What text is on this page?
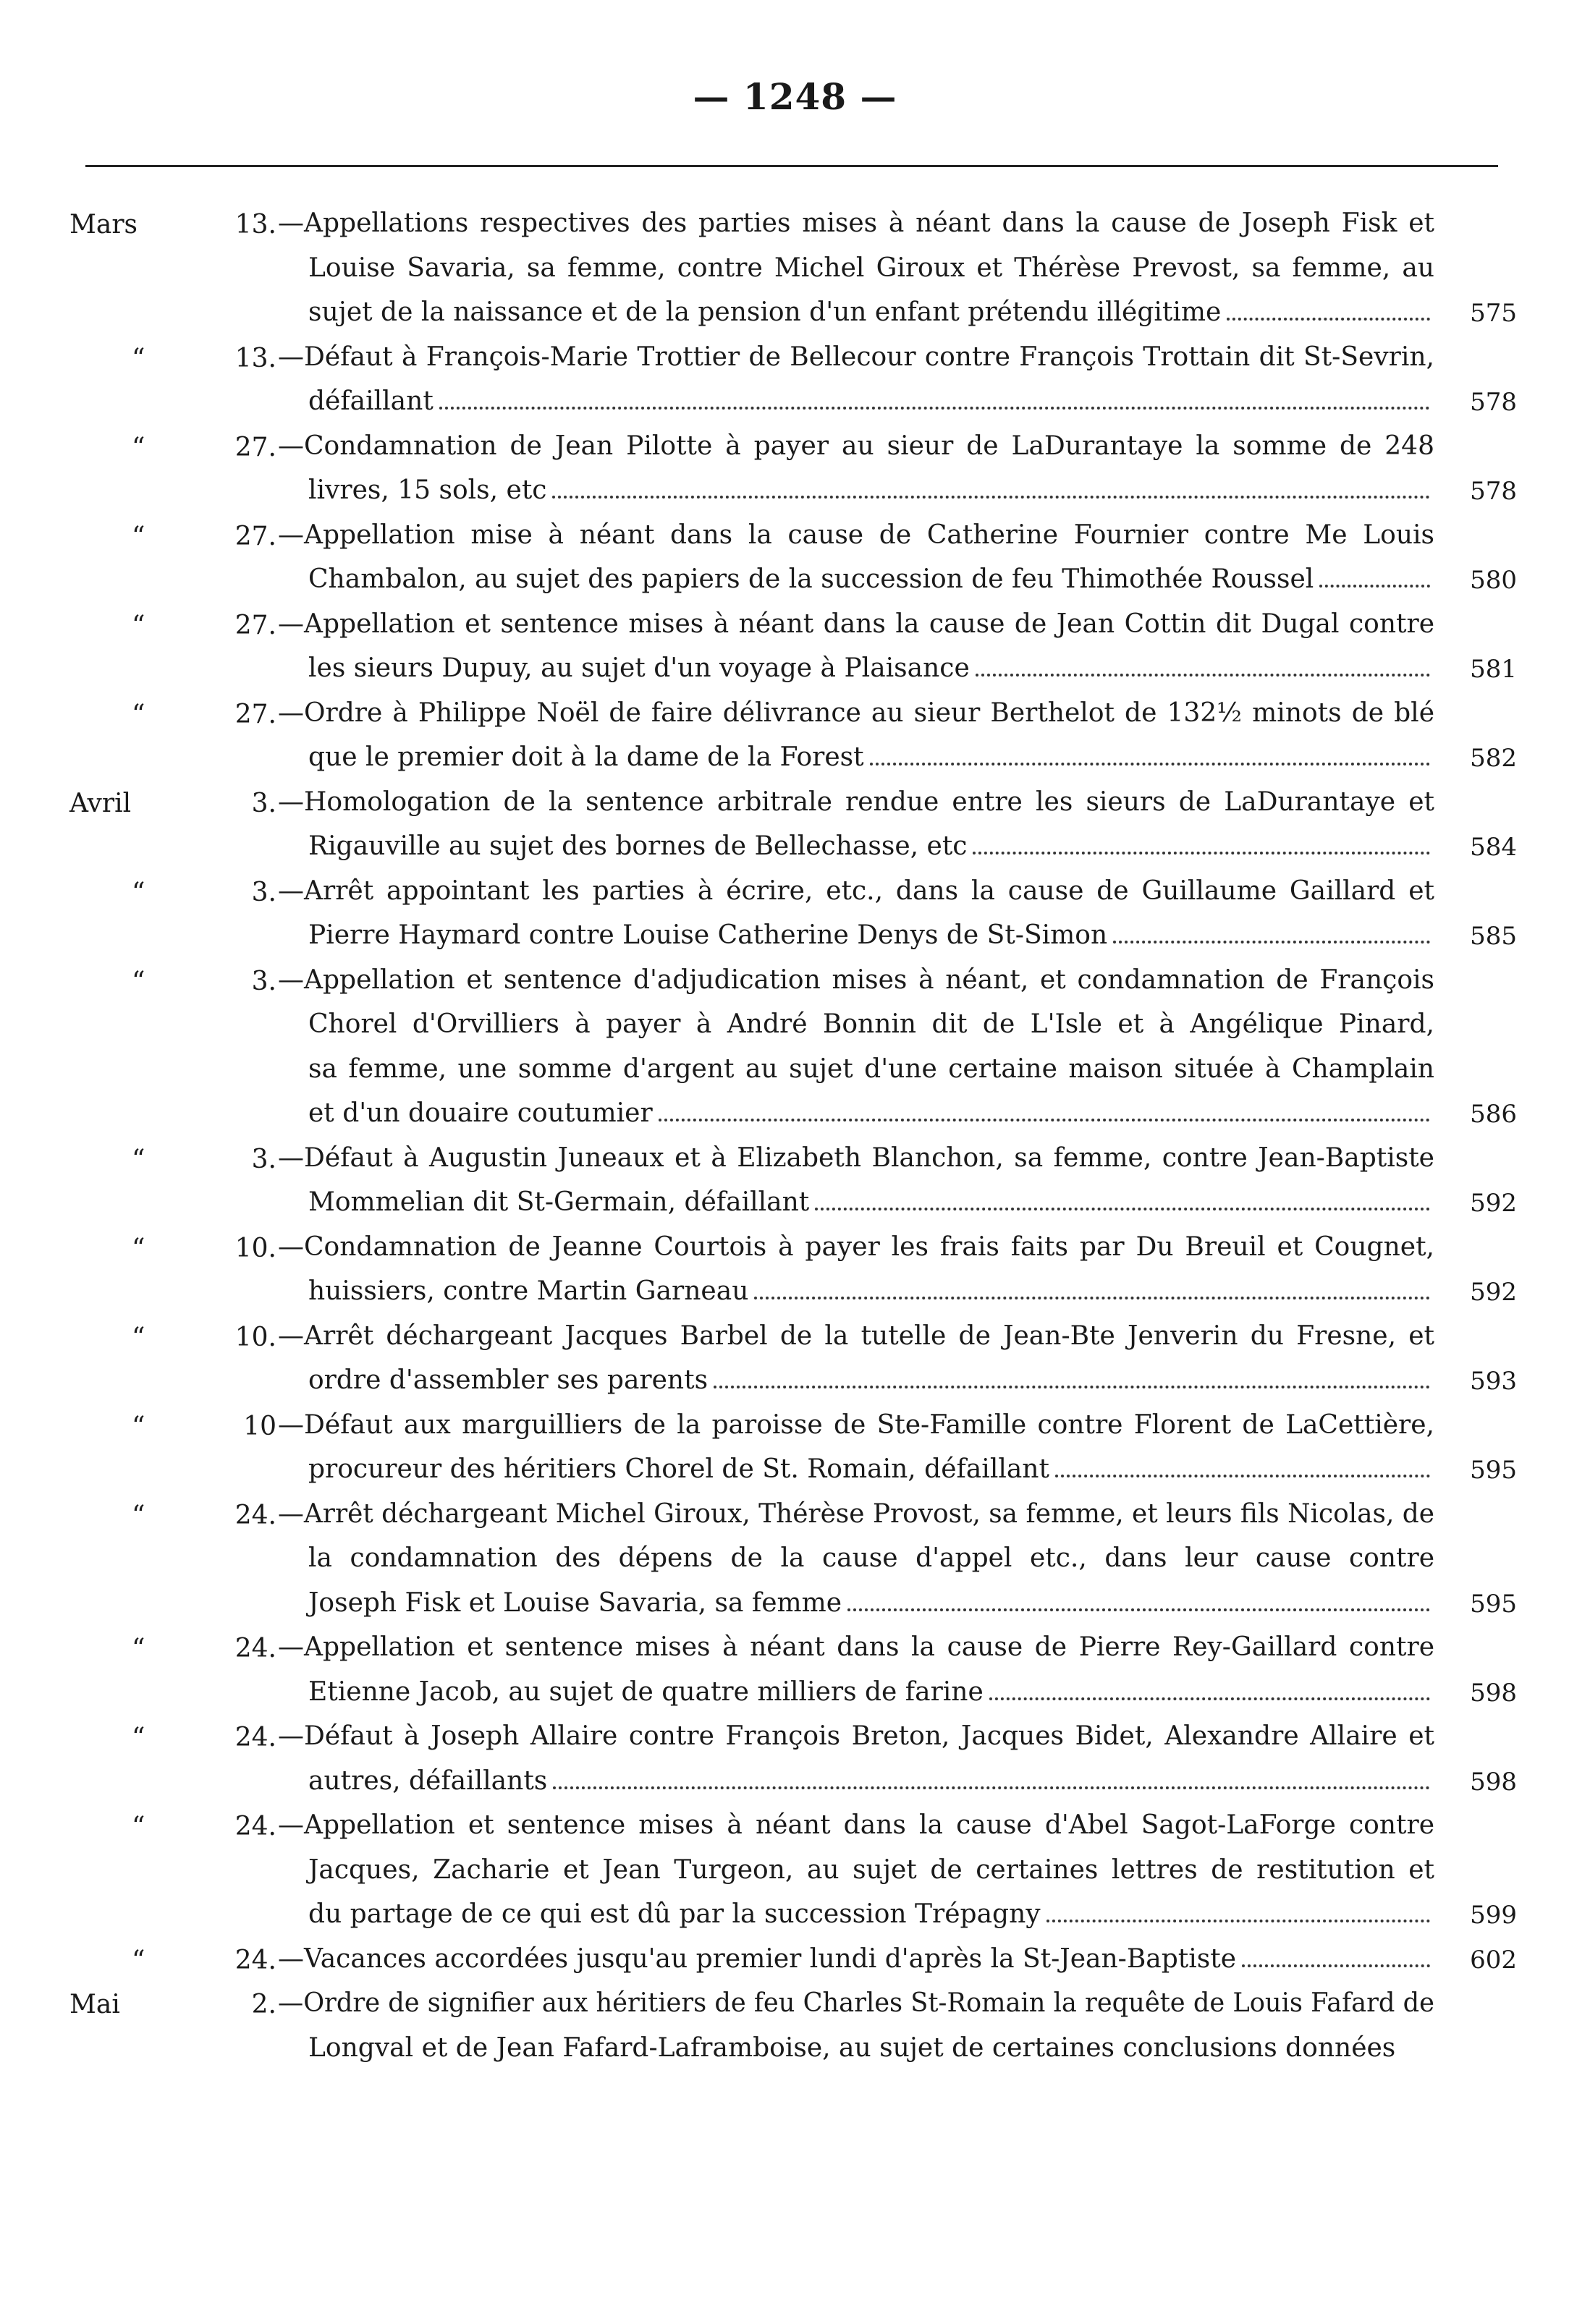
— 1248 —
Mars	13. —Appellations respectives des parties mises à néant dans la cause de Joseph Fisk et
Louise Savaria, sa femme, contre Michel Giroux et Thérèse Prevost, sa femme, au
sujet de la naissance et de la pension d'un enfant prétendu illégitime	575
“	13. —Défaut à François-Marie Trottier de Bellecour contre François Trottain dit St-Sevrin,
défaillant	578
“	27. —Condamnation de Jean Pilotte à payer au sieur de LaDurantaye la somme de 248
livres, 15 sols, etc	578
“	27. —Appellation mise à néant dans la cause de Catherine Fournier contre Me Louis
Chambalon, au sujet des papiers de la succession de feu Thimothée Roussel	580
“	27. —Appellation et sentence mises à néant dans la cause de Jean Cottin dit Dugal contre
les sieurs Dupuy, au sujet d'un voyage à Plaisance	581
“	27. —Ordre à Philippe Noël de faire délivrance au sieur Berthelot de 132½ minots de blé
que le premier doit à la dame de la Forest	582
Avril	3. —Homologation de la sentence arbitrale rendue entre les sieurs de LaDurantaye et
Rigauville au sujet des bornes de Bellechasse, etc	584
“	3. —Arrêt appointant les parties à écrire, etc., dans la cause de Guillaume Gaillard et
Pierre Haymard contre Louise Catherine Denys de St-Simon	585
“	3. —Appellation et sentence d'adjudication mises à néant, et condamnation de François
Chorel d'Orvilliers à payer à André Bonnin dit de L'Isle et à Angélique Pinard,
sa femme, une somme d'argent au sujet d'une certaine maison située à Champlain
et d'un douaire coutumier	586
“	3. —Défaut à Augustin Juneaux et à Elizabeth Blanchon, sa femme, contre Jean-Baptiste
Mommelian dit St-Germain, défaillant	592
“	10. —Condamnation de Jeanne Courtois à payer les frais faits par Du Breuil et Cougnet,
huissiers, contre Martin Garneau	592
“	10. —Arrêt déchargeant Jacques Barbel de la tutelle de Jean-Bte Jenverin du Fresne, et
ordre d'assembler ses parents	593
“	10 —Défaut aux marguilliers de la paroisse de Ste-Famille contre Florent de LaCettière,
procureur des héritiers Chorel de St. Romain, défaillant	595
“	24. —Arrêt déchargeant Michel Giroux, Thérèse Provost, sa femme, et leurs fils Nicolas, de
la condamnation des dépens de la cause d'appel etc., dans leur cause contre
Joseph Fisk et Louise Savaria, sa femme	595
“	24. —Appellation et sentence mises à néant dans la cause de Pierre Rey-Gaillard contre
Etienne Jacob, au sujet de quatre milliers de farine	598
“	24. —Défaut à Joseph Allaire contre François Breton, Jacques Bidet, Alexandre Allaire et
autres, défaillants	598
“	24. —Appellation et sentence mises à néant dans la cause d'Abel Sagot-LaForge contre
Jacques, Zacharie et Jean Turgeon, au sujet de certaines lettres de restitution et
du partage de ce qui est dû par la succession Trépagny	599
“	24. —Vacances accordées jusqu'au premier lundi d'après la St-Jean-Baptiste	602
Mai	2. —Ordre de signifier aux héritiers de feu Charles St-Romain la requête de Louis Fafard de
Longval et de Jean Fafard-Laframboise, au sujet de certaines conclusions données
